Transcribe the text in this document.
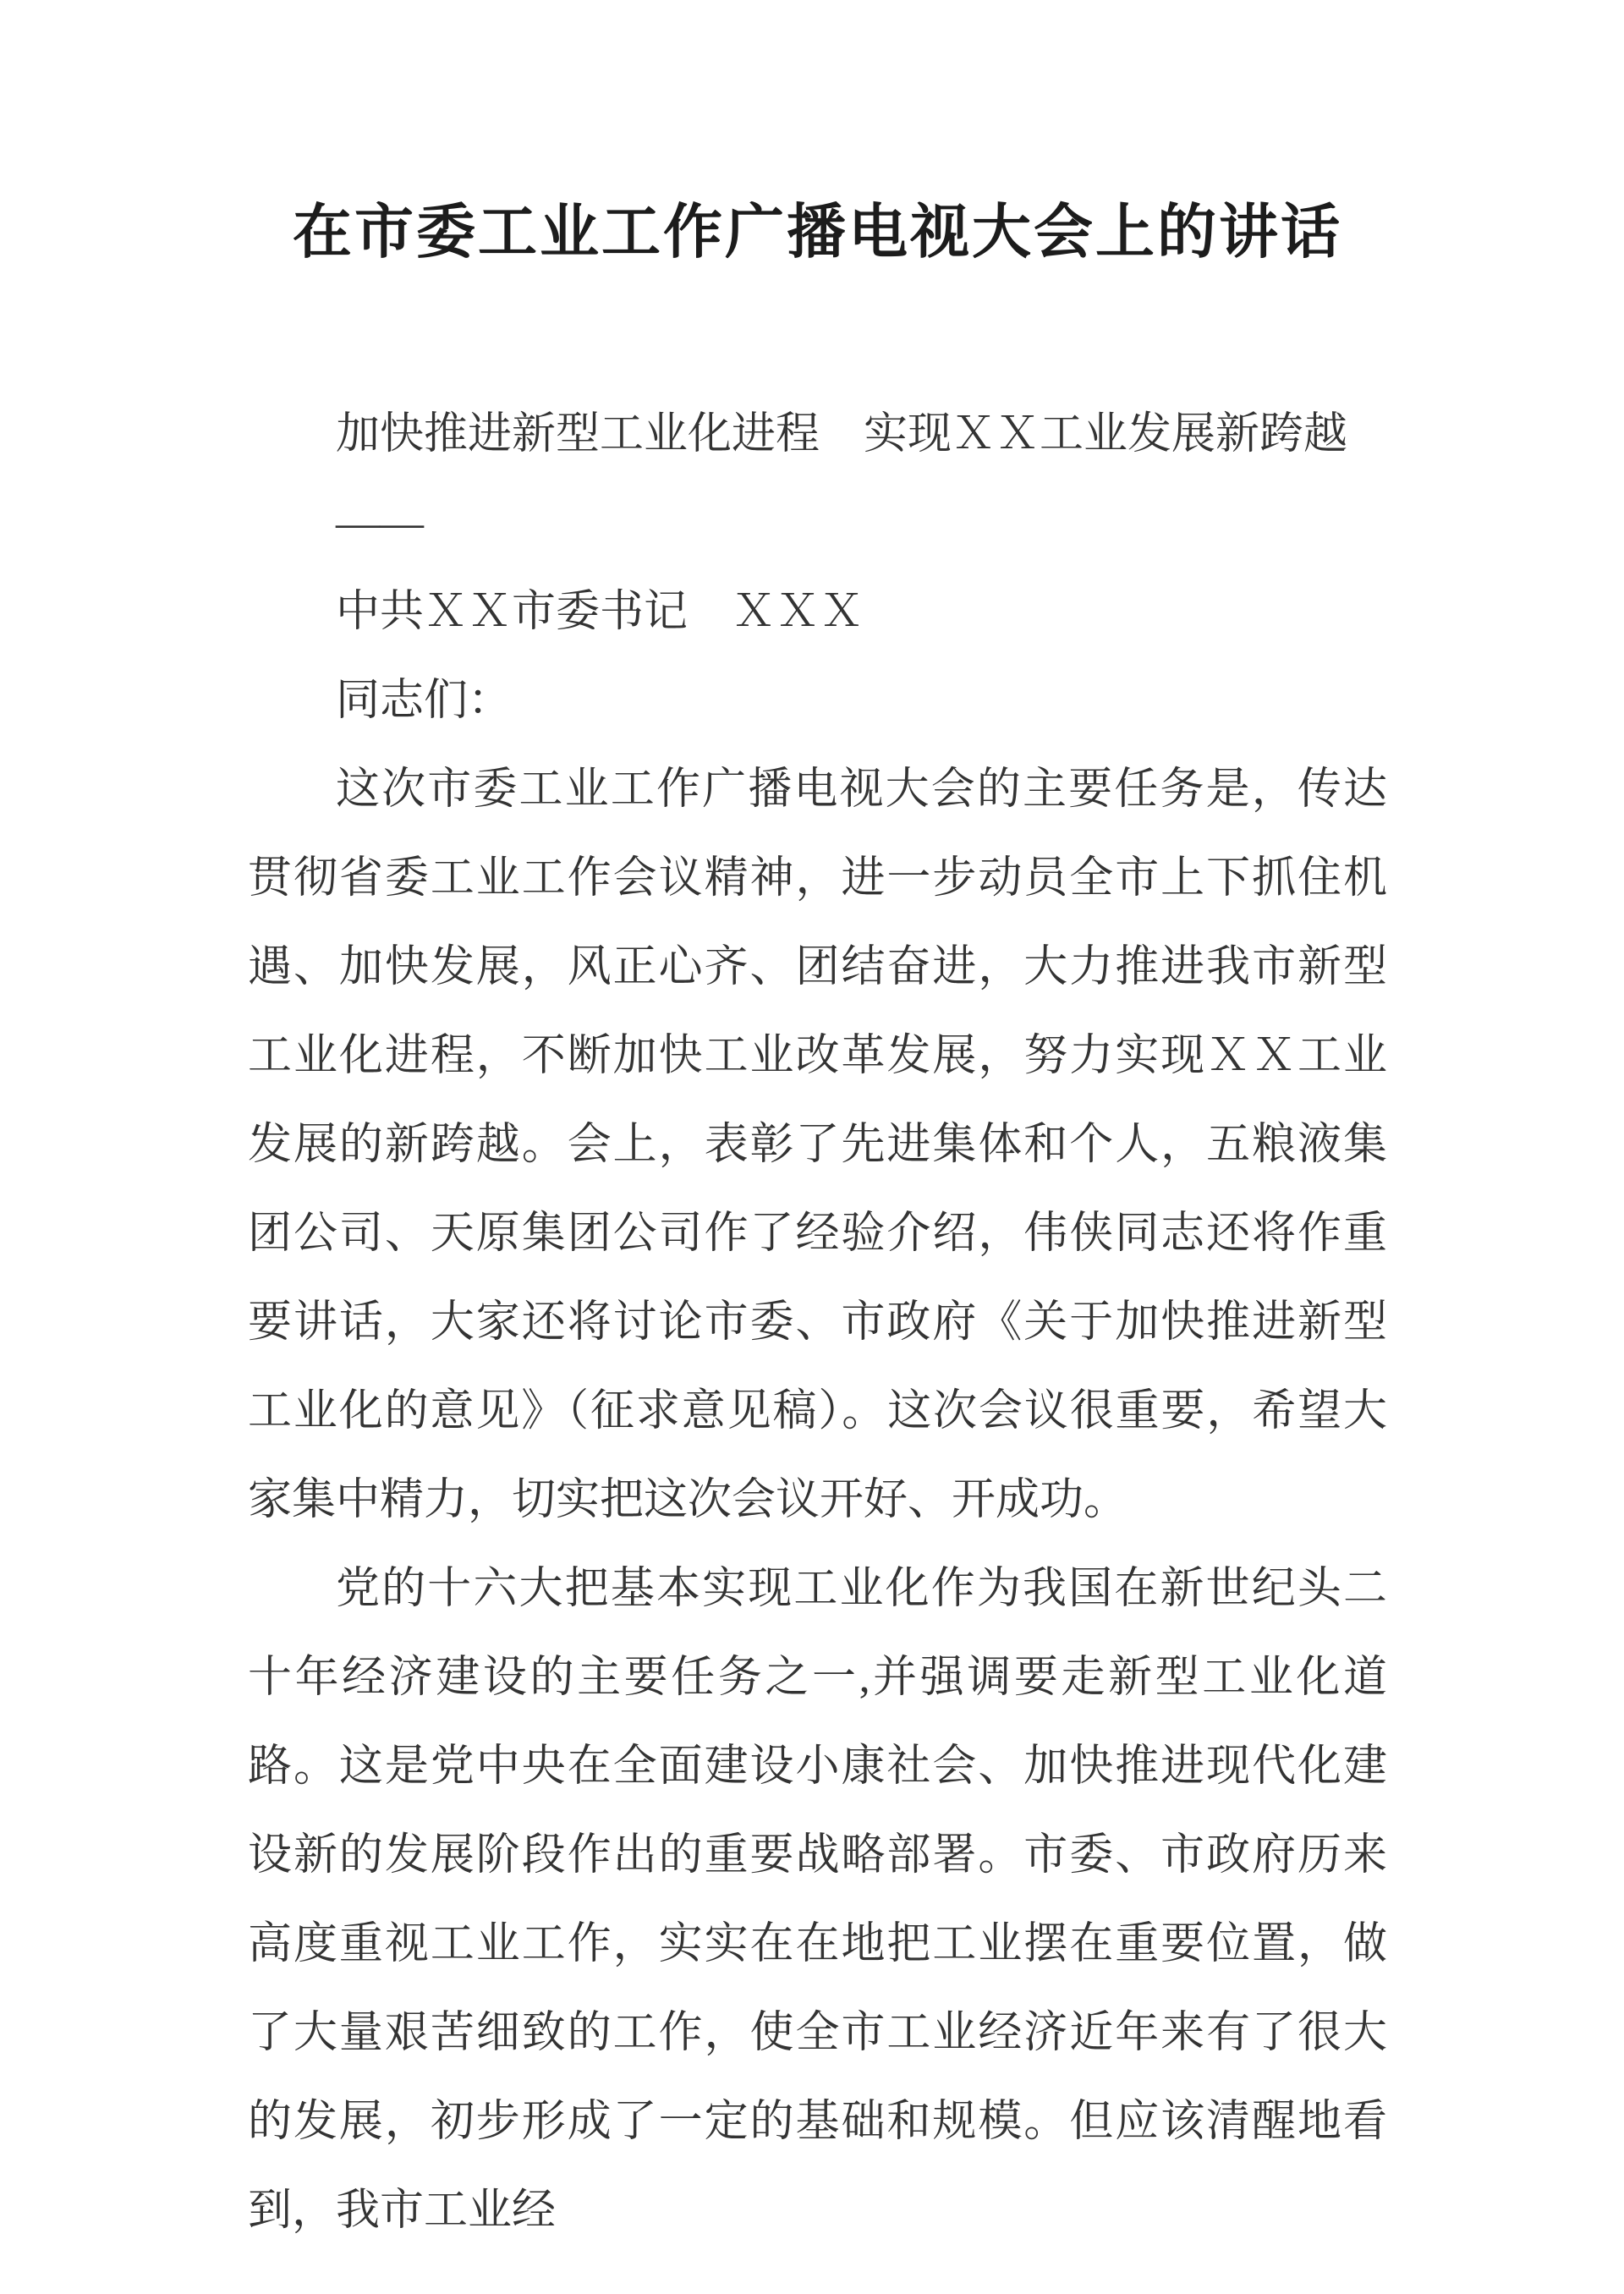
在市委工业工作广播电视大会上的讲话

加快推进新型工业化进程　实现ＸＸ工业发展新跨越

——

中共ＸＸ市委书记　ＸＸＸ

同志们：

这次市委工业工作广播电视大会的主要任务是，传达贯彻省委工业工作会议精神，进一步动员全市上下抓住机遇、加快发展，风正心齐、团结奋进，大力推进我市新型工业化进程，不断加快工业改革发展，努力实现ＸＸ工业发展的新跨越。会上，表彰了先进集体和个人，五粮液集团公司、天原集团公司作了经验介绍，伟侠同志还将作重要讲话，大家还将讨论市委、市政府《关于加快推进新型工业化的意见》（征求意见稿）。这次会议很重要，希望大家集中精力，切实把这次会议开好、开成功。

党的十六大把基本实现工业化作为我国在新世纪头二十年经济建设的主要任务之一,并强调要走新型工业化道路。这是党中央在全面建设小康社会、加快推进现代化建设新的发展阶段作出的重要战略部署。市委、市政府历来高度重视工业工作，实实在在地把工业摆在重要位置，做了大量艰苦细致的工作，使全市工业经济近年来有了很大的发展，初步形成了一定的基础和规模。但应该清醒地看到，我市工业经
